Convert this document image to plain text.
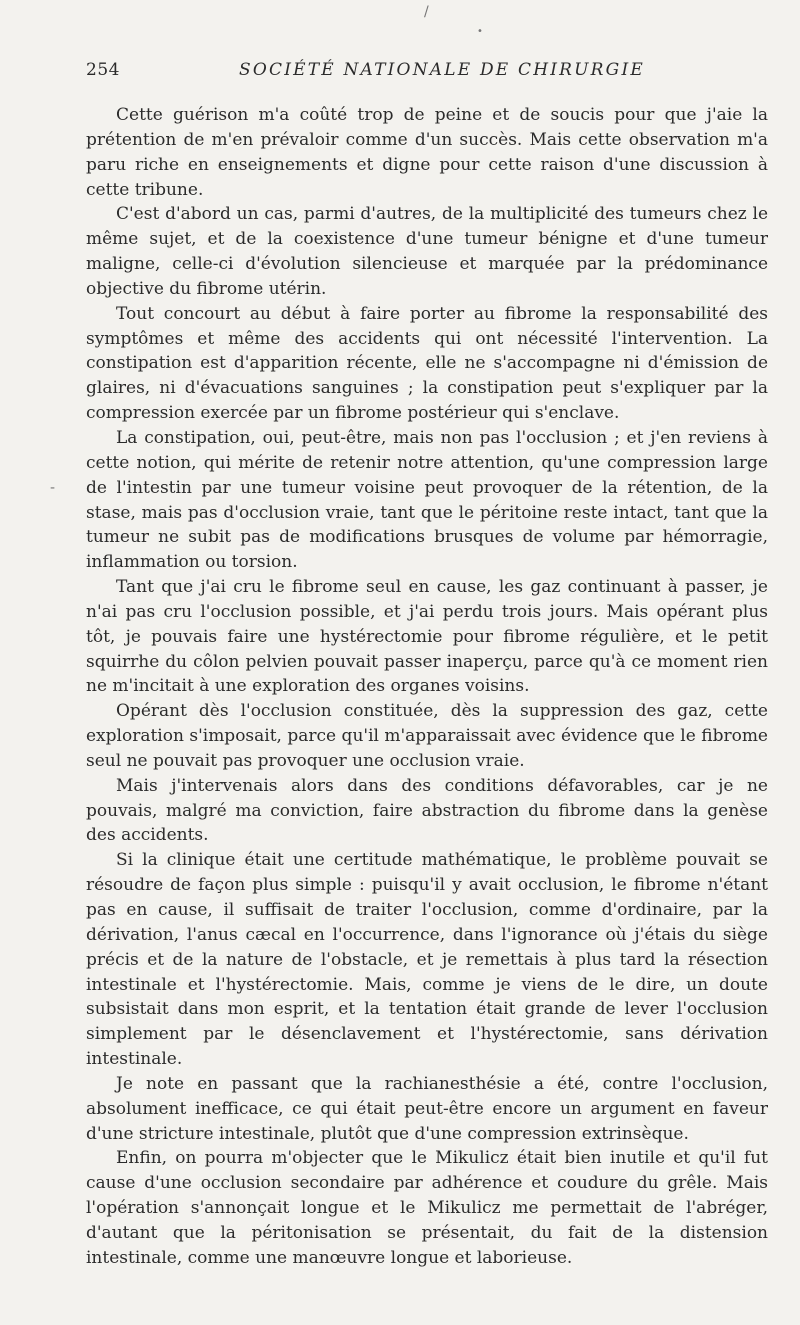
/
•
-
254	SOCIÉTÉ NATIONALE DE CHIRURGIE

Cette guérison m'a coûté trop de peine et de soucis pour que j'aie la prétention de m'en prévaloir comme d'un succès. Mais cette observation m'a paru riche en enseignements et digne pour cette raison d'une discussion à cette tribune.

C'est d'abord un cas, parmi d'autres, de la multiplicité des tumeurs chez le même sujet, et de la coexistence d'une tumeur bénigne et d'une tumeur maligne, celle-ci d'évolution silencieuse et marquée par la prédominance objective du fibrome utérin.

Tout concourt au début à faire porter au fibrome la responsabilité des symptômes et même des accidents qui ont nécessité l'intervention. La constipation est d'apparition récente, elle ne s'accompagne ni d'émission de glaires, ni d'évacuations sanguines ; la constipation peut s'expliquer par la compression exercée par un fibrome postérieur qui s'enclave.

La constipation, oui, peut-être, mais non pas l'occlusion ; et j'en reviens à cette notion, qui mérite de retenir notre attention, qu'une compression large de l'intestin par une tumeur voisine peut provoquer de la rétention, de la stase, mais pas d'occlusion vraie, tant que le péritoine reste intact, tant que la tumeur ne subit pas de modifications brusques de volume par hémorragie, inflammation ou torsion.

Tant que j'ai cru le fibrome seul en cause, les gaz continuant à passer, je n'ai pas cru l'occlusion possible, et j'ai perdu trois jours. Mais opérant plus tôt, je pouvais faire une hystérectomie pour fibrome régulière, et le petit squirrhe du côlon pelvien pouvait passer inaperçu, parce qu'à ce moment rien ne m'incitait à une exploration des organes voisins.

Opérant dès l'occlusion constituée, dès la suppression des gaz, cette exploration s'imposait, parce qu'il m'apparaissait avec évidence que le fibrome seul ne pouvait pas provoquer une occlusion vraie.

Mais j'intervenais alors dans des conditions défavorables, car je ne pouvais, malgré ma conviction, faire abstraction du fibrome dans la genèse des accidents.

Si la clinique était une certitude mathématique, le problème pouvait se résoudre de façon plus simple : puisqu'il y avait occlusion, le fibrome n'étant pas en cause, il suffisait de traiter l'occlusion, comme d'ordinaire, par la dérivation, l'anus cæcal en l'occurrence, dans l'ignorance où j'étais du siège précis et de la nature de l'obstacle, et je remettais à plus tard la résection intestinale et l'hystérectomie. Mais, comme je viens de le dire, un doute subsistait dans mon esprit, et la tentation était grande de lever l'occlusion simplement par le désenclavement et l'hystérectomie, sans dérivation intestinale.

Je note en passant que la rachianesthésie a été, contre l'occlusion, absolument inefficace, ce qui était peut-être encore un argument en faveur d'une stricture intestinale, plutôt que d'une compression extrinsèque.

Enfin, on pourra m'objecter que le Mikulicz était bien inutile et qu'il fut cause d'une occlusion secondaire par adhérence et coudure du grêle. Mais l'opération s'annonçait longue et le Mikulicz me permettait de l'abréger, d'autant que la péritonisation se présentait, du fait de la distension intestinale, comme une manœuvre longue et laborieuse.
